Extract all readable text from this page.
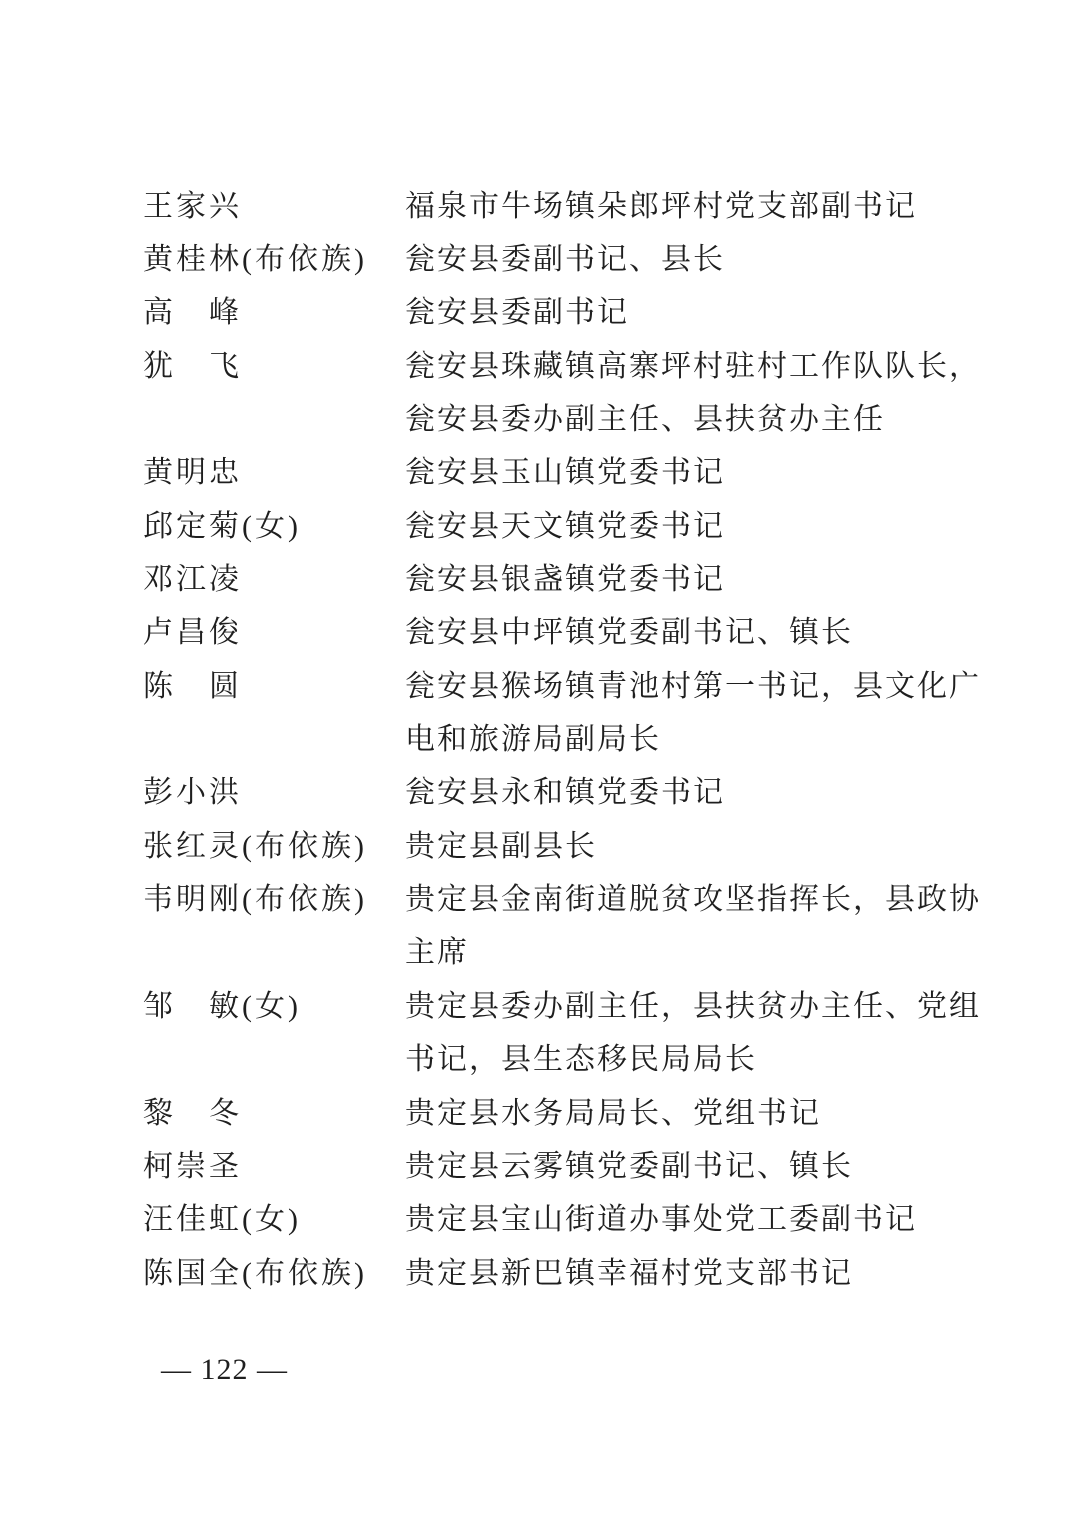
王家兴	福泉市牛场镇朵郎坪村党支部副书记
黄桂林(布依族)	瓮安县委副书记、县长
高　峰	瓮安县委副书记
犹　飞	瓮安县珠藏镇高寨坪村驻村工作队队长，
瓮安县委办副主任、县扶贫办主任
黄明忠	瓮安县玉山镇党委书记
邱定菊(女)	瓮安县天文镇党委书记
邓江凌	瓮安县银盏镇党委书记
卢昌俊	瓮安县中坪镇党委副书记、镇长
陈　圆	瓮安县猴场镇青池村第一书记，县文化广
电和旅游局副局长
彭小洪	瓮安县永和镇党委书记
张红灵(布依族)	贵定县副县长
韦明刚(布依族)	贵定县金南街道脱贫攻坚指挥长，县政协
主席
邹　敏(女)	贵定县委办副主任，县扶贫办主任、党组
书记，县生态移民局局长
黎　冬	贵定县水务局局长、党组书记
柯崇圣	贵定县云雾镇党委副书记、镇长
汪佳虹(女)	贵定县宝山街道办事处党工委副书记
陈国全(布依族)	贵定县新巴镇幸福村党支部书记
— 122 —
